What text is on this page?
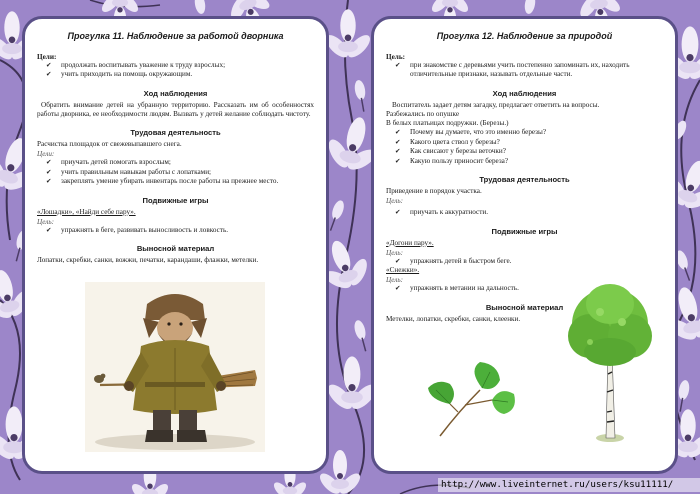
Прогулка 11. Наблюдение за работой дворника
Цели:

✔ продолжать воспитывать уважение к труду взрослых;

✔ учить приходить на помощь окружающим.

Ход наблюдения

Обратить внимание детей на убранную территорию. Рассказать им об особенностях работы дворника, ее необходимости людям. Вызвать у детей желание соблюдать чистоту.

Трудовая деятельность

Расчистка площадок от свежевыпавшего снега.

Цели:

✔ приучать детей помогать взрослым;

✔ учить правильным навыкам работы с лопатками;

✔ закреплять умение убирать инвентарь после работы на прежнее место.

Подвижные игры

«Лошадки», «Найди себе пару».

Цель:

✔ упражнять в беге, развивать выносливость и ловкость.

Выносной материал

Лопатки, скребки, санки, вожжи, печатки, карандаши, флажки, метелки.

Прогулка 12. Наблюдение за природой
Цель:

✔ при знакомстве с деревьями учить постепенно запоминать их, находить отличительные признаки, называть отдельные части.

Ход наблюдения

Воспитатель задает детям загадку, предлагает ответить на вопросы.

Разбежались по опушке

В белых платьицах подружки. (Березы.)

✔ Почему вы думаете, что это именно березы?

✔ Какого цвета ствол у березы?

✔ Как свисают у березы веточки?

✔ Какую пользу приносит береза?

Трудовая деятельность

Приведение в порядок участка.

Цель:

✔ приучать к аккуратности.

Подвижные игры

«Догони пару».

Цель:

✔ упражнять детей в быстром беге.

«Снежки».

Цель:

✔ упражнять в метании на дальность.

Выносной материал

Метелки, лопатки, скребки, санки, клеенки.

http://www.liveinternet.ru/users/ksu11111/
